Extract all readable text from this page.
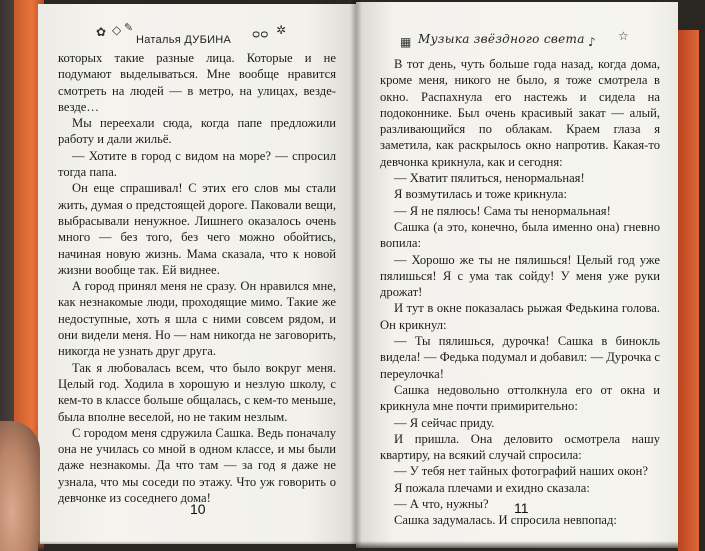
✿ ◇ ✎
Наталья ДУБИНА ᴑᴑ ✲

которых такие разные лица. Которые и не подумают выделываться. Мне вообще нравится смотреть на людей — в метро, на улицах, везде-везде…

Мы переехали сюда, когда папе предложили работу и дали жильё.

— Хотите в город с видом на море? — спросил тогда папа.

Он еще спрашивал! С этих его слов мы стали жить, думая о предстоящей дороге. Паковали вещи, выбрасывали ненужное. Лишнего оказалось очень много — без того, без чего можно обойтись, начиная новую жизнь. Мама сказала, что к новой жизни вообще так. Ей виднее.

А город принял меня не сразу. Он нравился мне, как незнакомые люди, проходящие мимо. Такие же недоступные, хоть я шла с ними совсем рядом, и они видели меня. Но — нам никогда не заговорить, никогда не узнать друг друга.

Так я любовалась всем, что было вокруг меня. Целый год. Ходила в хорошую и незлую школу, с кем-то в классе больше общалась, с кем-то меньше, была вполне веселой, но не таким незлым.

С городом меня сдружила Сашка. Ведь поначалу она не училась со мной в одном классе, и мы были даже незнакомы. Да что там — за год я даже не узнала, что мы соседи по этажу. Что уж говорить о девчонке из соседнего дома!

10
▦ Музыка звёздного света ♪ ☆

В тот день, чуть больше года назад, когда дома, кроме меня, никого не было, я тоже смотрела в окно. Распахнула его настежь и сидела на подоконнике. Был очень красивый закат — алый, разливающийся по облакам. Краем глаза я заметила, как раскрылось окно напротив. Какая-то девчонка крикнула, как и сегодня:

— Хватит пялиться, ненормальная!

Я возмутилась и тоже крикнула:

— Я не пялюсь! Сама ты ненормальная!

Сашка (а это, конечно, была именно она) гневно вопила:

— Хорошо же ты не пялишься! Целый год уже пялишься! Я с ума так сойду! У меня уже руки дрожат!

И тут в окне показалась рыжая Федькина голова. Он крикнул:

— Ты пялишься, дурочка! Сашка в бинокль видела! — Федька подумал и добавил: — Дурочка с переулочка!

Сашка недовольно оттолкнула его от окна и крикнула мне почти примирительно:

— Я сейчас приду.

И пришла. Она деловито осмотрела нашу квартиру, на всякий случай спросила:

— У тебя нет тайных фотографий наших окон?

Я пожала плечами и ехидно сказала:

— А что, нужны?

Сашка задумалась. И спросила невпопад:

11
